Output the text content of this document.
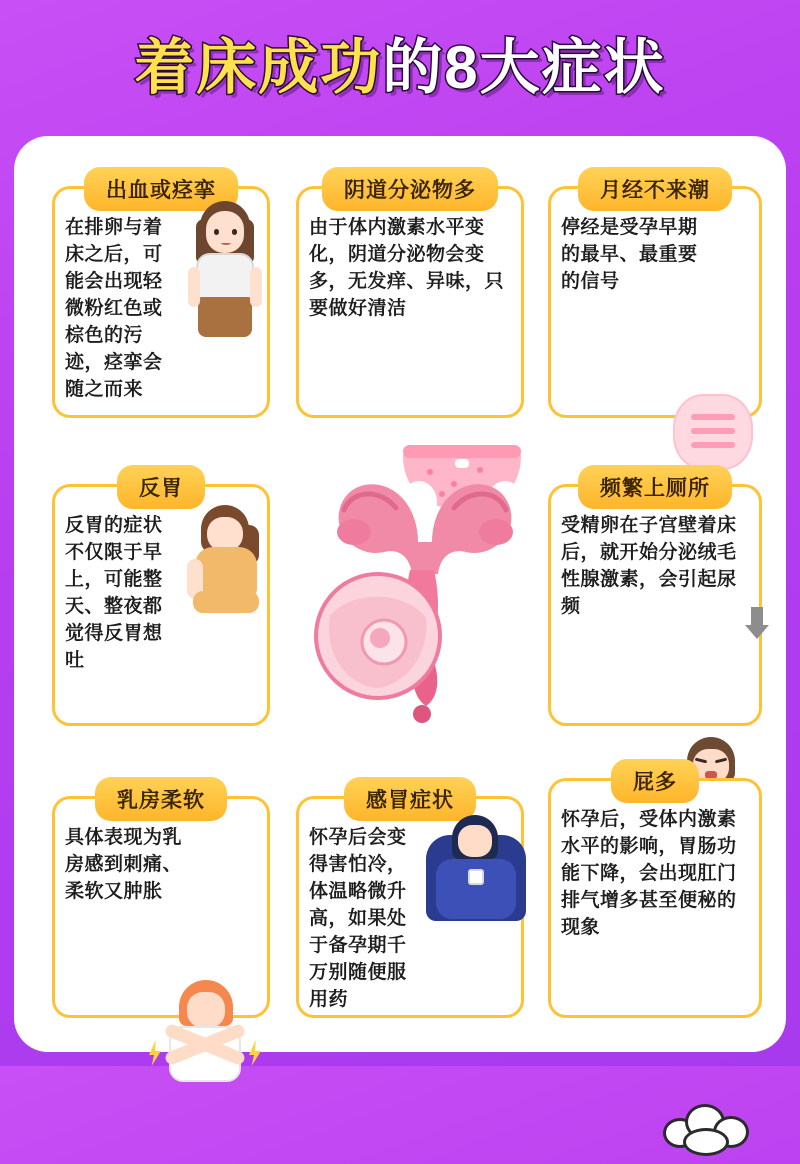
着床成功的8大症状
出血或痉挛
在排卵与着床之后，可能会出现轻微粉红色或棕色的污迹，痉挛会随之而来
阴道分泌物多
由于体内激素水平变化，阴道分泌物会变多，无发痒、异味，只要做好清洁
月经不来潮
停经是受孕早期的最早、最重要的信号
反胃
反胃的症状不仅限于早上，可能整天、整夜都觉得反胃想吐
频繁上厕所
受精卵在子宫壁着床后，就开始分泌绒毛性腺激素，会引起尿频
乳房柔软
具体表现为乳房感到刺痛、柔软又肿胀
感冒症状
怀孕后会变得害怕冷，体温略微升高，如果处于备孕期千万别随便服用药
屁多
怀孕后，受体内激素水平的影响，胃肠功能下降，会出现肛门排气增多甚至便秘的现象
